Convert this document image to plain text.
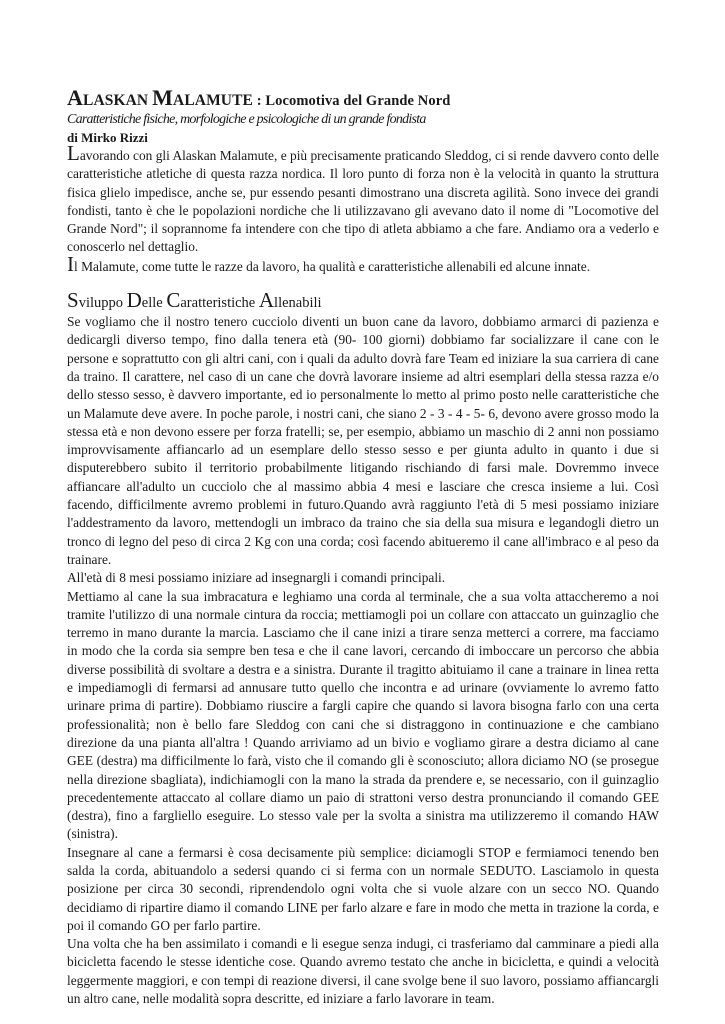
ALASKAN MALAMUTE : Locomotiva del Grande Nord
Caratteristiche fisiche, morfologiche e psicologiche di un grande fondista
di Mirko Rizzi

Lavorando con gli Alaskan Malamute, e più precisamente praticando Sleddog, ci si rende davvero conto delle caratteristiche atletiche di questa razza nordica. Il loro punto di forza non è la velocità in quanto la struttura fisica glielo impedisce, anche se, pur essendo pesanti dimostrano una discreta agilità. Sono invece dei grandi fondisti, tanto è che le popolazioni nordiche che li utilizzavano gli avevano dato il nome di "Locomotive del Grande Nord"; il soprannome fa intendere con che tipo di atleta abbiamo a che fare. Andiamo ora a vederlo e conoscerlo nel dettaglio.

Il Malamute, come tutte le razze da lavoro, ha qualità e caratteristiche allenabili ed alcune innate.

Sviluppo Delle Caratteristiche Allenabili

Se vogliamo che il nostro tenero cucciolo diventi un buon cane da lavoro, dobbiamo armarci di pazienza e dedicargli diverso tempo, fino dalla tenera età (90- 100 giorni) dobbiamo far socializzare il cane con le persone e soprattutto con gli altri cani, con i quali da adulto dovrà fare Team ed iniziare la sua carriera di cane da traino. Il carattere, nel caso di un cane che dovrà lavorare insieme ad altri esemplari della stessa razza e/o dello stesso sesso, è davvero importante, ed io personalmente lo metto al primo posto nelle caratteristiche che un Malamute deve avere. In poche parole, i nostri cani, che siano 2 - 3 - 4 - 5- 6, devono avere grosso modo la stessa età e non devono essere per forza fratelli; se, per esempio, abbiamo un maschio di 2 anni non possiamo improvvisamente affiancarlo ad un esemplare dello stesso sesso e per giunta adulto in quanto i due si disputerebbero subito il territorio probabilmente litigando rischiando di farsi male. Dovremmo invece affiancare all'adulto un cucciolo che al massimo abbia 4 mesi e lasciare che cresca insieme a lui. Così facendo, difficilmente avremo problemi in futuro.Quando avrà raggiunto l'età di 5 mesi possiamo iniziare l'addestramento da lavoro, mettendogli un imbraco da traino che sia della sua misura e legandogli dietro un tronco di legno del peso di circa 2 Kg con una corda; così facendo abitueremo il cane all'imbraco e al peso da trainare.

All'età di 8 mesi possiamo iniziare ad insegnargli i comandi principali.

Mettiamo al cane la sua imbracatura e leghiamo una corda al terminale, che a sua volta attaccheremo a noi tramite l'utilizzo di una normale cintura da roccia; mettiamogli poi un collare con attaccato un guinzaglio che terremo in mano durante la marcia. Lasciamo che il cane inizi a tirare senza metterci a correre, ma facciamo in modo che la corda sia sempre ben tesa e che il cane lavori, cercando di imboccare un percorso che abbia diverse possibilità di svoltare a destra e a sinistra. Durante il tragitto abituiamo il cane a trainare in linea retta e impediamogli di fermarsi ad annusare tutto quello che incontra e ad urinare (ovviamente lo avremo fatto urinare prima di partire). Dobbiamo riuscire a fargli capire che quando si lavora bisogna farlo con una certa professionalità; non è bello fare Sleddog con cani che si distraggono in continuazione e che cambiano direzione da una pianta all'altra ! Quando arriviamo ad un bivio e vogliamo girare a destra diciamo al cane GEE (destra) ma difficilmente lo farà, visto che il comando gli è sconosciuto; allora diciamo NO (se prosegue nella direzione sbagliata), indichiamogli con la mano la strada da prendere e, se necessario, con il guinzaglio precedentemente attaccato al collare diamo un paio di strattoni verso destra pronunciando il comando GEE (destra), fino a fargliello eseguire. Lo stesso vale per la svolta a sinistra ma utilizzeremo il comando HAW (sinistra).

Insegnare al cane a fermarsi è cosa decisamente più semplice: diciamogli STOP e fermiamoci tenendo ben salda la corda, abituandolo a sedersi quando ci si ferma con un normale SEDUTO. Lasciamolo in questa posizione per circa 30 secondi, riprendendolo ogni volta che si vuole alzare con un secco NO. Quando decidiamo di ripartire diamo il comando LINE per farlo alzare e fare in modo che metta in trazione la corda, e poi il comando GO per farlo partire.

Una volta che ha ben assimilato i comandi e li esegue senza indugi, ci trasferiamo dal camminare a piedi alla bicicletta facendo le stesse identiche cose. Quando avremo testato che anche in bicicletta, e quindi a velocità leggermente maggiori, e con tempi di reazione diversi, il cane svolge bene il suo lavoro, possiamo affiancargli un altro cane, nelle modalità sopra descritte, ed iniziare a farlo lavorare in team.
